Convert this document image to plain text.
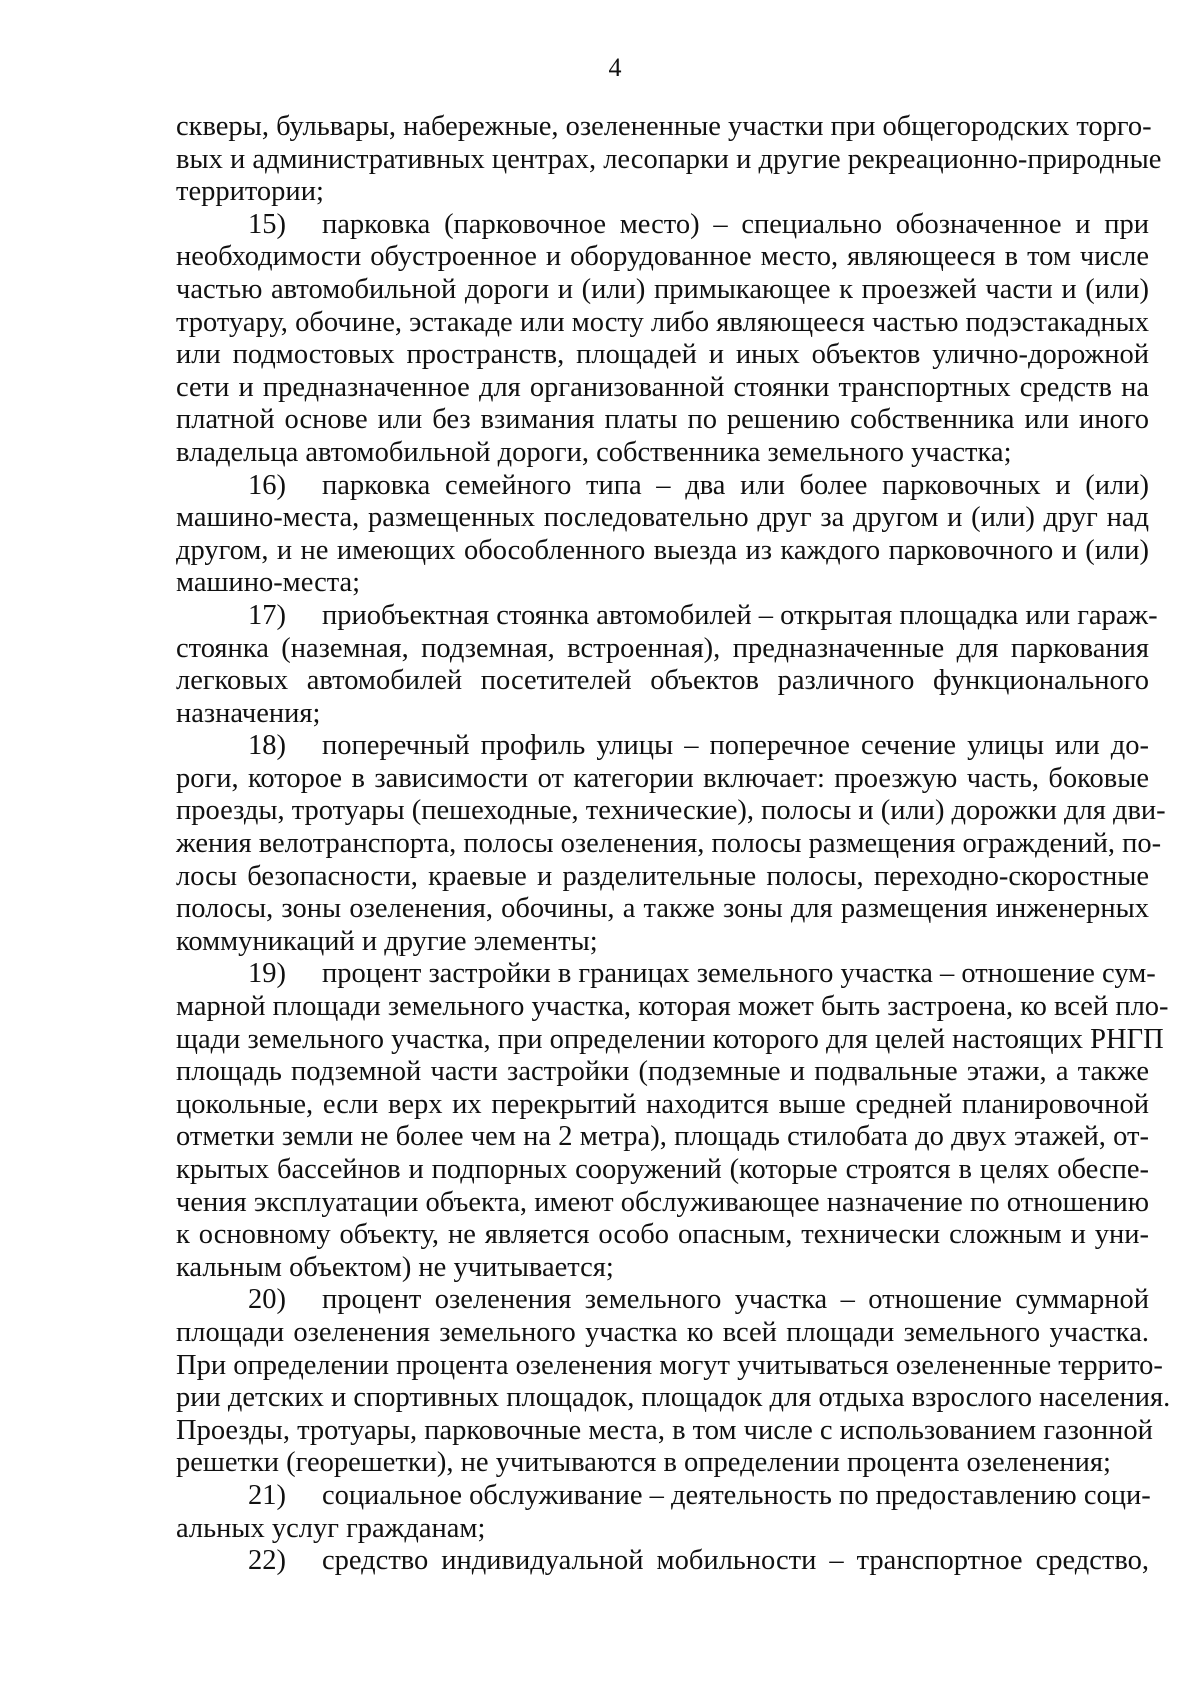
4
скверы, бульвары, набережные, озелененные участки при общегородских торго-
вых и административных центрах, лесопарки и другие рекреационно-природные
территории;
15) парковка (парковочное место) – специально обозначенное и при
необходимости обустроенное и оборудованное место, являющееся в том числе
частью автомобильной дороги и (или) примыкающее к проезжей части и (или)
тротуару, обочине, эстакаде или мосту либо являющееся частью подэстакадных
или подмостовых пространств, площадей и иных объектов улично-дорожной
сети и предназначенное для организованной стоянки транспортных средств на
платной основе или без взимания платы по решению собственника или иного
владельца автомобильной дороги, собственника земельного участка;
16) парковка семейного типа – два или более парковочных и (или)
машино-места, размещенных последовательно друг за другом и (или) друг над
другом, и не имеющих обособленного выезда из каждого парковочного и (или)
машино-места;
17) приобъектная стоянка автомобилей – открытая площадка или гараж-
стоянка (наземная, подземная, встроенная), предназначенные для паркования
легковых автомобилей посетителей объектов различного функционального
назначения;
18) поперечный профиль улицы – поперечное сечение улицы или до-
роги, которое в зависимости от категории включает: проезжую часть, боковые
проезды, тротуары (пешеходные, технические), полосы и (или) дорожки для дви-
жения велотранспорта, полосы озеленения, полосы размещения ограждений, по-
лосы безопасности, краевые и разделительные полосы, переходно-скоростные
полосы, зоны озеленения, обочины, а также зоны для размещения инженерных
коммуникаций и другие элементы;
19) процент застройки в границах земельного участка – отношение сум-
марной площади земельного участка, которая может быть застроена, ко всей пло-
щади земельного участка, при определении которого для целей настоящих РНГП
площадь подземной части застройки (подземные и подвальные этажи, а также
цокольные, если верх их перекрытий находится выше средней планировочной
отметки земли не более чем на 2 метра), площадь стилобата до двух этажей, от-
крытых бассейнов и подпорных сооружений (которые строятся в целях обеспе-
чения эксплуатации объекта, имеют обслуживающее назначение по отношению
к основному объекту, не является особо опасным, технически сложным и уни-
кальным объектом) не учитывается;
20) процент озеленения земельного участка – отношение суммарной
площади озеленения земельного участка ко всей площади земельного участка.
При определении процента озеленения могут учитываться озелененные террито-
рии детских и спортивных площадок, площадок для отдыха взрослого населения.
Проезды, тротуары, парковочные места, в том числе с использованием газонной
решетки (георешетки), не учитываются в определении процента озеленения;
21) социальное обслуживание – деятельность по предоставлению соци-
альных услуг гражданам;
22) средство индивидуальной мобильности – транспортное средство,
